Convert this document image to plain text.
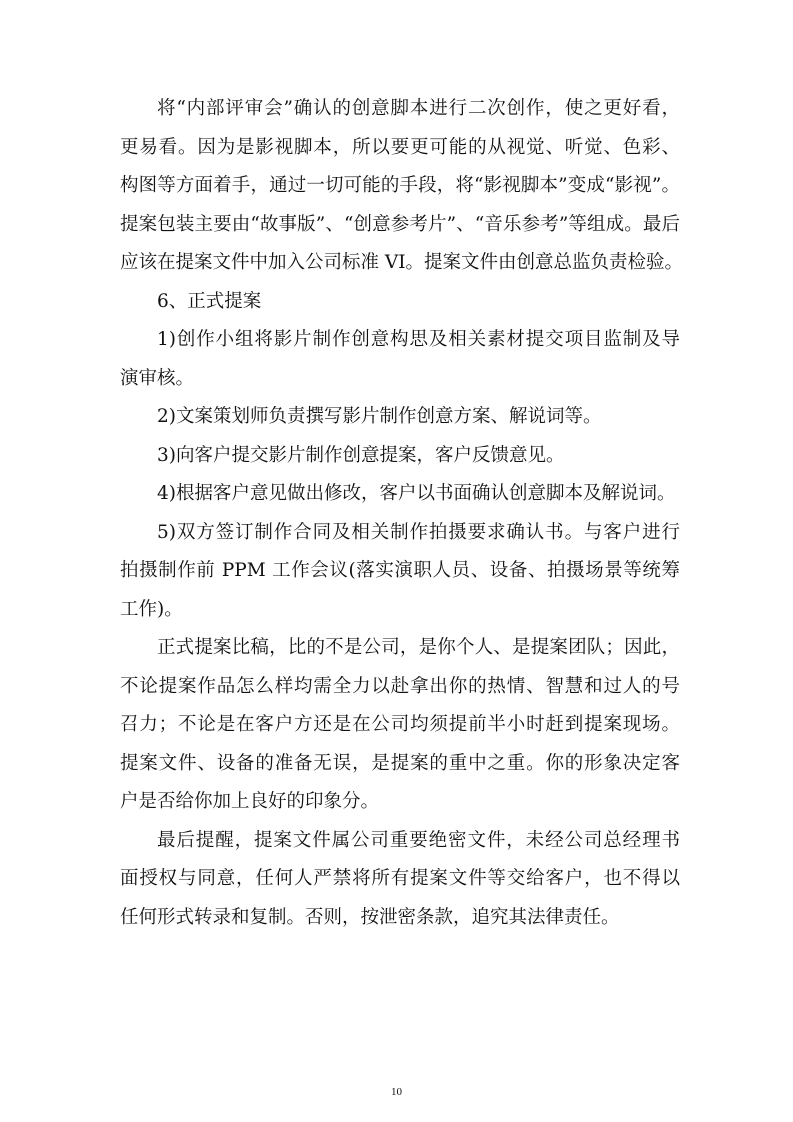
将“内部评审会”确认的创意脚本进行二次创作，使之更好看，
更易看。因为是影视脚本，所以要更可能的从视觉、听觉、色彩、
构图等方面着手，通过一切可能的手段，将“影视脚本”变成“影视”。
提案包装主要由“故事版”、“创意参考片”、“音乐参考”等组成。最后
应该在提案文件中加入公司标准 VI。提案文件由创意总监负责检验。
6、正式提案
1)创作小组将影片制作创意构思及相关素材提交项目监制及导
演审核。
2)文案策划师负责撰写影片制作创意方案、解说词等。
3)向客户提交影片制作创意提案，客户反馈意见。
4)根据客户意见做出修改，客户以书面确认创意脚本及解说词。
5)双方签订制作合同及相关制作拍摄要求确认书。与客户进行
拍摄制作前 PPM 工作会议(落实演职人员、设备、拍摄场景等统筹
工作)。
正式提案比稿，比的不是公司，是你个人、是提案团队；因此，
不论提案作品怎么样均需全力以赴拿出你的热情、智慧和过人的号
召力；不论是在客户方还是在公司均须提前半小时赶到提案现场。
提案文件、设备的准备无误，是提案的重中之重。你的形象决定客
户是否给你加上良好的印象分。
最后提醒，提案文件属公司重要绝密文件，未经公司总经理书
面授权与同意，任何人严禁将所有提案文件等交给客户，也不得以
任何形式转录和复制。否则，按泄密条款，追究其法律责任。
10
